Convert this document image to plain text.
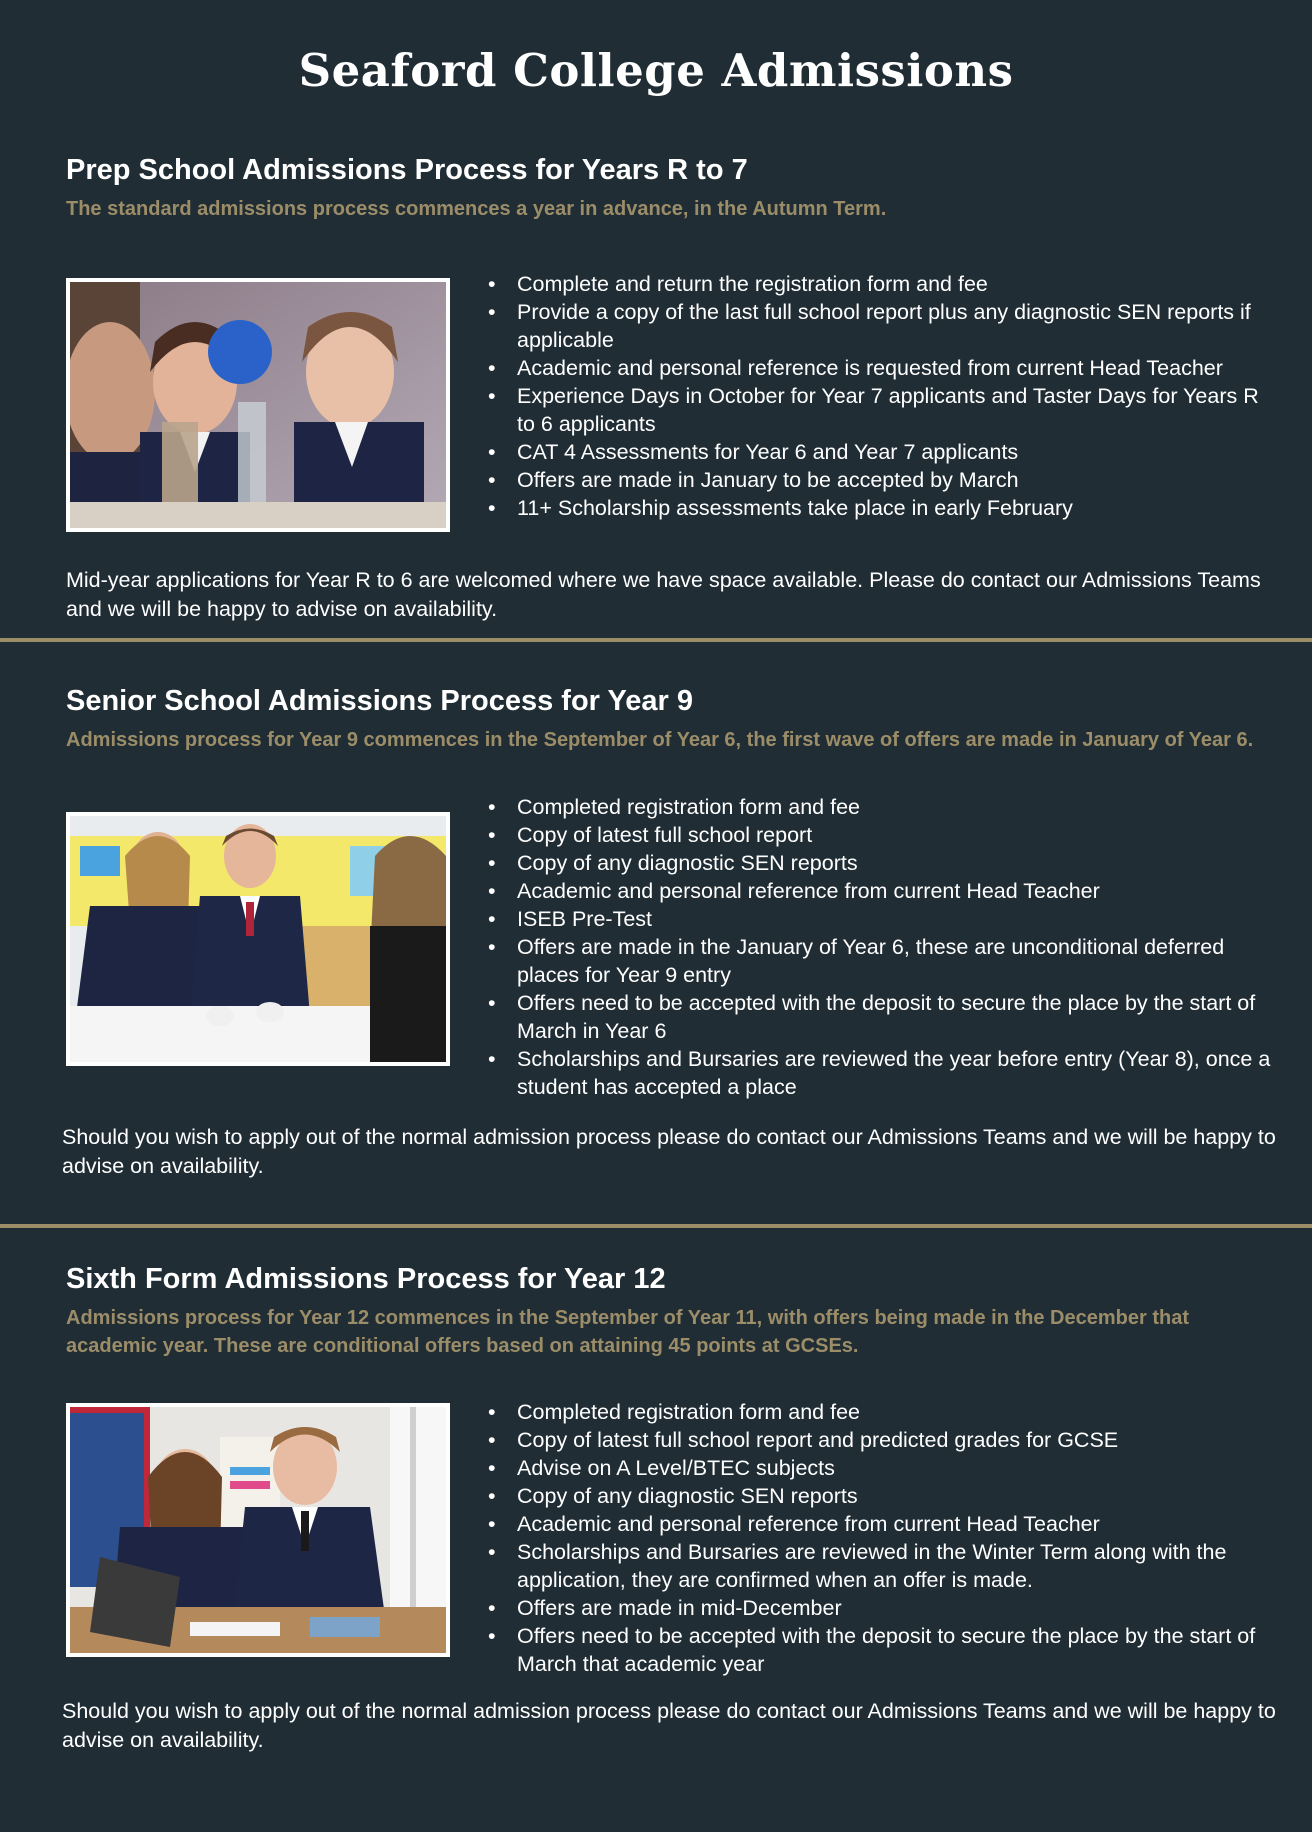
Seaford College Admissions
Prep School Admissions Process for Years R to 7

The standard admissions process commences a year in advance, in the Autumn Term.

• Complete and return the registration form and fee
• Provide a copy of the last full school report plus any diagnostic SEN reports if applicable
• Academic and personal reference is requested from current Head Teacher
• Experience Days in October for Year 7 applicants and Taster Days for Years R to 6 applicants
• CAT 4 Assessments for Year 6 and Year 7 applicants
• Offers are made in January to be accepted by March
• 11+ Scholarship assessments take place in early February

Mid-year applications for Year R to 6 are welcomed where we have space available. Please do contact our Admissions Teams and we will be happy to advise on availability.

Senior School Admissions Process for Year 9

Admissions process for Year 9 commences in the September of Year 6, the first wave of offers are made in January of Year 6.

• Completed registration form and fee
• Copy of latest full school report
• Copy of any diagnostic SEN reports
• Academic and personal reference from current Head Teacher
• ISEB Pre-Test
• Offers are made in the January of Year 6, these are unconditional deferred places for Year 9 entry
• Offers need to be accepted with the deposit to secure the place by the start of March in Year 6
• Scholarships and Bursaries are reviewed the year before entry (Year 8), once a student has accepted a place

Should you wish to apply out of the normal admission process please do contact our Admissions Teams and we will be happy to advise on availability.

Sixth Form Admissions Process for Year 12

Admissions process for Year 12 commences in the September of Year 11, with offers being made in the December that academic year. These are conditional offers based on attaining 45 points at GCSEs.

• Completed registration form and fee
• Copy of latest full school report and predicted grades for GCSE
• Advise on A Level/BTEC subjects
• Copy of any diagnostic SEN reports
• Academic and personal reference from current Head Teacher
• Scholarships and Bursaries are reviewed in the Winter Term along with the application, they are confirmed when an offer is made.
• Offers are made in mid-December
• Offers need to be accepted with the deposit to secure the place by the start of March that academic year

Should you wish to apply out of the normal admission process please do contact our Admissions Teams and we will be happy to advise on availability.
